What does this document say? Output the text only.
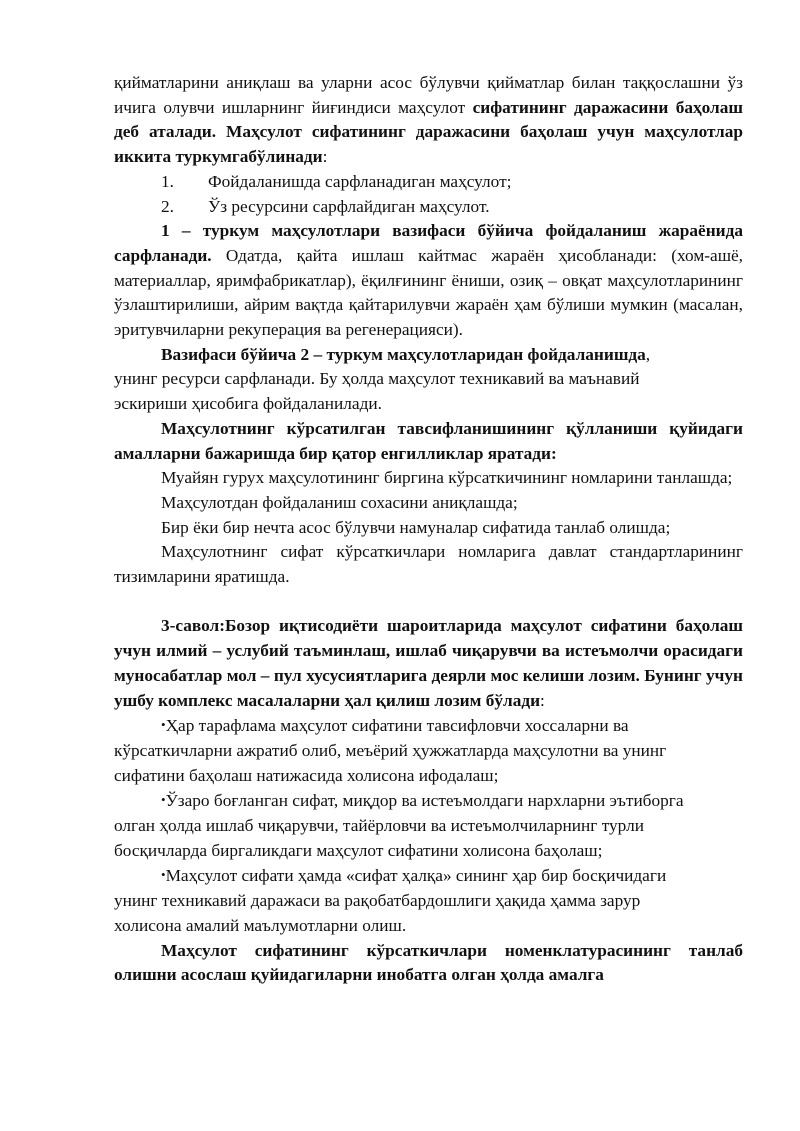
қийматларини аниқлаш ва уларни асос бўлувчи қийматлар билан таққослашни ўз ичига олувчи ишларнинг йиғиндиси маҳсулот сифатининг даражасини баҳолаш деб аталади. Маҳсулот сифатининг даражасини баҳолаш учун маҳсулотлар иккита туркумгабўлинади:

1.	Фойдаланишда сарфланадиган маҳсулот;
2.	Ўз ресурсини сарфлайдиган маҳсулот.

1 – туркум маҳсулотлари вазифаси бўйича фойдаланиш жараёнида сарфланади. Одатда, қайта ишлаш кайтмас жараён ҳисобланади: (хом-ашё, материаллар, яримфабрикатлар), ёқилғининг ёниши, озиқ – овқат маҳсулотларининг ўзлаштирилиши, айрим вақтда қайтарилувчи жараён ҳам бўлиши мумкин (масалан, эритувчиларни рекуперация ва регенерацияси).

Вазифаси бўйича 2 – туркум маҳсулотларидан фойдаланишда,

унинг ресурси сарфланади. Бу ҳолда маҳсулот техникавий ва маънавий

эскириши ҳисобига фойдаланилади.

Маҳсулотнинг кўрсатилган тавсифланишининг қўлланиши қуйидаги амалларни бажаришда бир қатор енгилликлар яратади:

Муайян гурух маҳсулотининг биргина кўрсаткичининг номларини танлашда;

Маҳсулотдан фойдаланиш сохасини аниқлашда;

Бир ёки бир нечта асос бўлувчи намуналар сифатида танлаб олишда;

Маҳсулотнинг сифат кўрсаткичлари номларига давлат стандартларининг тизимларини яратишда.

3-савол:Бозор иқтисодиёти шароитларида маҳсулот сифатини баҳолаш учун илмий – услубий таъминлаш, ишлаб чиқарувчи ва истеъмолчи орасидаги муносабатлар мол – пул хусусиятларига деярли мос келиши лозим. Бунинг учун ушбу комплекс масалаларни ҳал қилиш лозим бўлади:

•Ҳар тарафлама маҳсулот сифатини тавсифловчи хоссаларни ва

кўрсаткичларни ажратиб олиб, меъёрий ҳужжатларда маҳсулотни ва унинг

сифатини баҳолаш натижасида холисона ифодалаш;

•Ўзаро боғланган сифат, миқдор ва истеъмолдаги нархларни эътиборга

олган ҳолда ишлаб чиқарувчи, тайёрловчи ва истеъмолчиларнинг турли

босқичларда биргаликдаги маҳсулот сифатини холисона баҳолаш;

•Маҳсулот сифати ҳамда «сифат ҳалқа» сининг ҳар бир босқичидаги

унинг техникавий даражаси ва рақобатбардошлиги ҳақида ҳамма зарур

холисона амалий маълумотларни олиш.

Маҳсулот сифатининг кўрсаткичлари номенклатурасининг танлаб олишни асослаш қуйидагиларни инобатга олган ҳолда амалга
